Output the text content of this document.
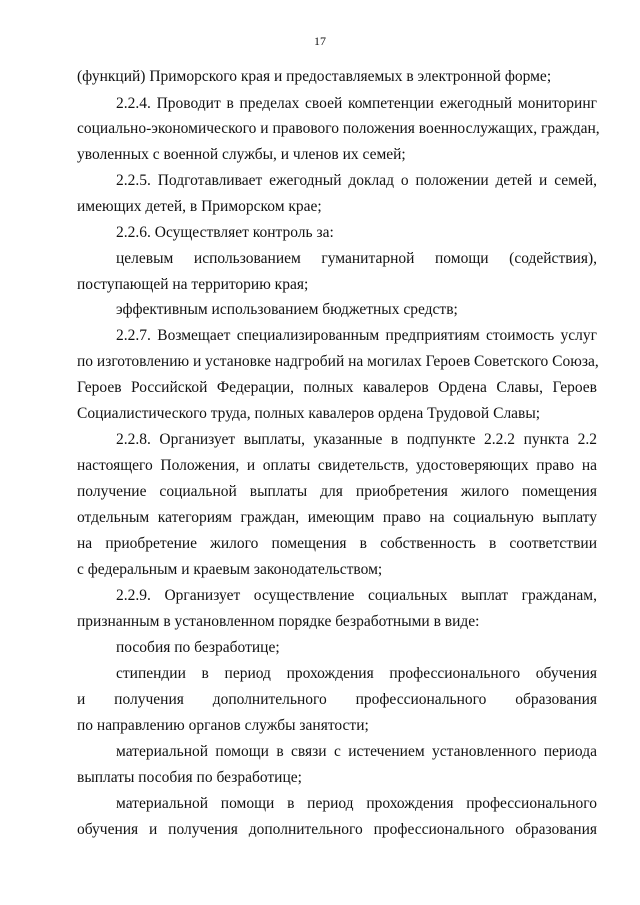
17
(функций) Приморского края и предоставляемых в электронной форме;
2.2.4. Проводит в пределах своей компетенции ежегодный мониторинг
социально-экономического и правового положения военнослужащих, граждан,
уволенных с военной службы, и членов их семей;
2.2.5. Подготавливает ежегодный доклад о положении детей и семей,
имеющих детей, в Приморском крае;
2.2.6. Осуществляет контроль за:
целевым использованием гуманитарной помощи (содействия),
поступающей на территорию края;
эффективным использованием бюджетных средств;
2.2.7. Возмещает специализированным предприятиям стоимость услуг
по изготовлению и установке надгробий на могилах Героев Советского Союза,
Героев Российской Федерации, полных кавалеров Ордена Славы, Героев
Социалистического труда, полных кавалеров ордена Трудовой Славы;
2.2.8. Организует выплаты, указанные в подпункте 2.2.2 пункта 2.2
настоящего Положения, и оплаты свидетельств, удостоверяющих право на
получение социальной выплаты для приобретения жилого помещения
отдельным категориям граждан, имеющим право на социальную выплату
на приобретение жилого помещения в собственность в соответствии
с федеральным и краевым законодательством;
2.2.9. Организует осуществление социальных выплат гражданам,
признанным в установленном порядке безработными в виде:
пособия по безработице;
стипендии в период прохождения профессионального обучения
и получения дополнительного профессионального образования
по направлению органов службы занятости;
материальной помощи в связи с истечением установленного периода
выплаты пособия по безработице;
материальной помощи в период прохождения профессионального
обучения и получения дополнительного профессионального образования
